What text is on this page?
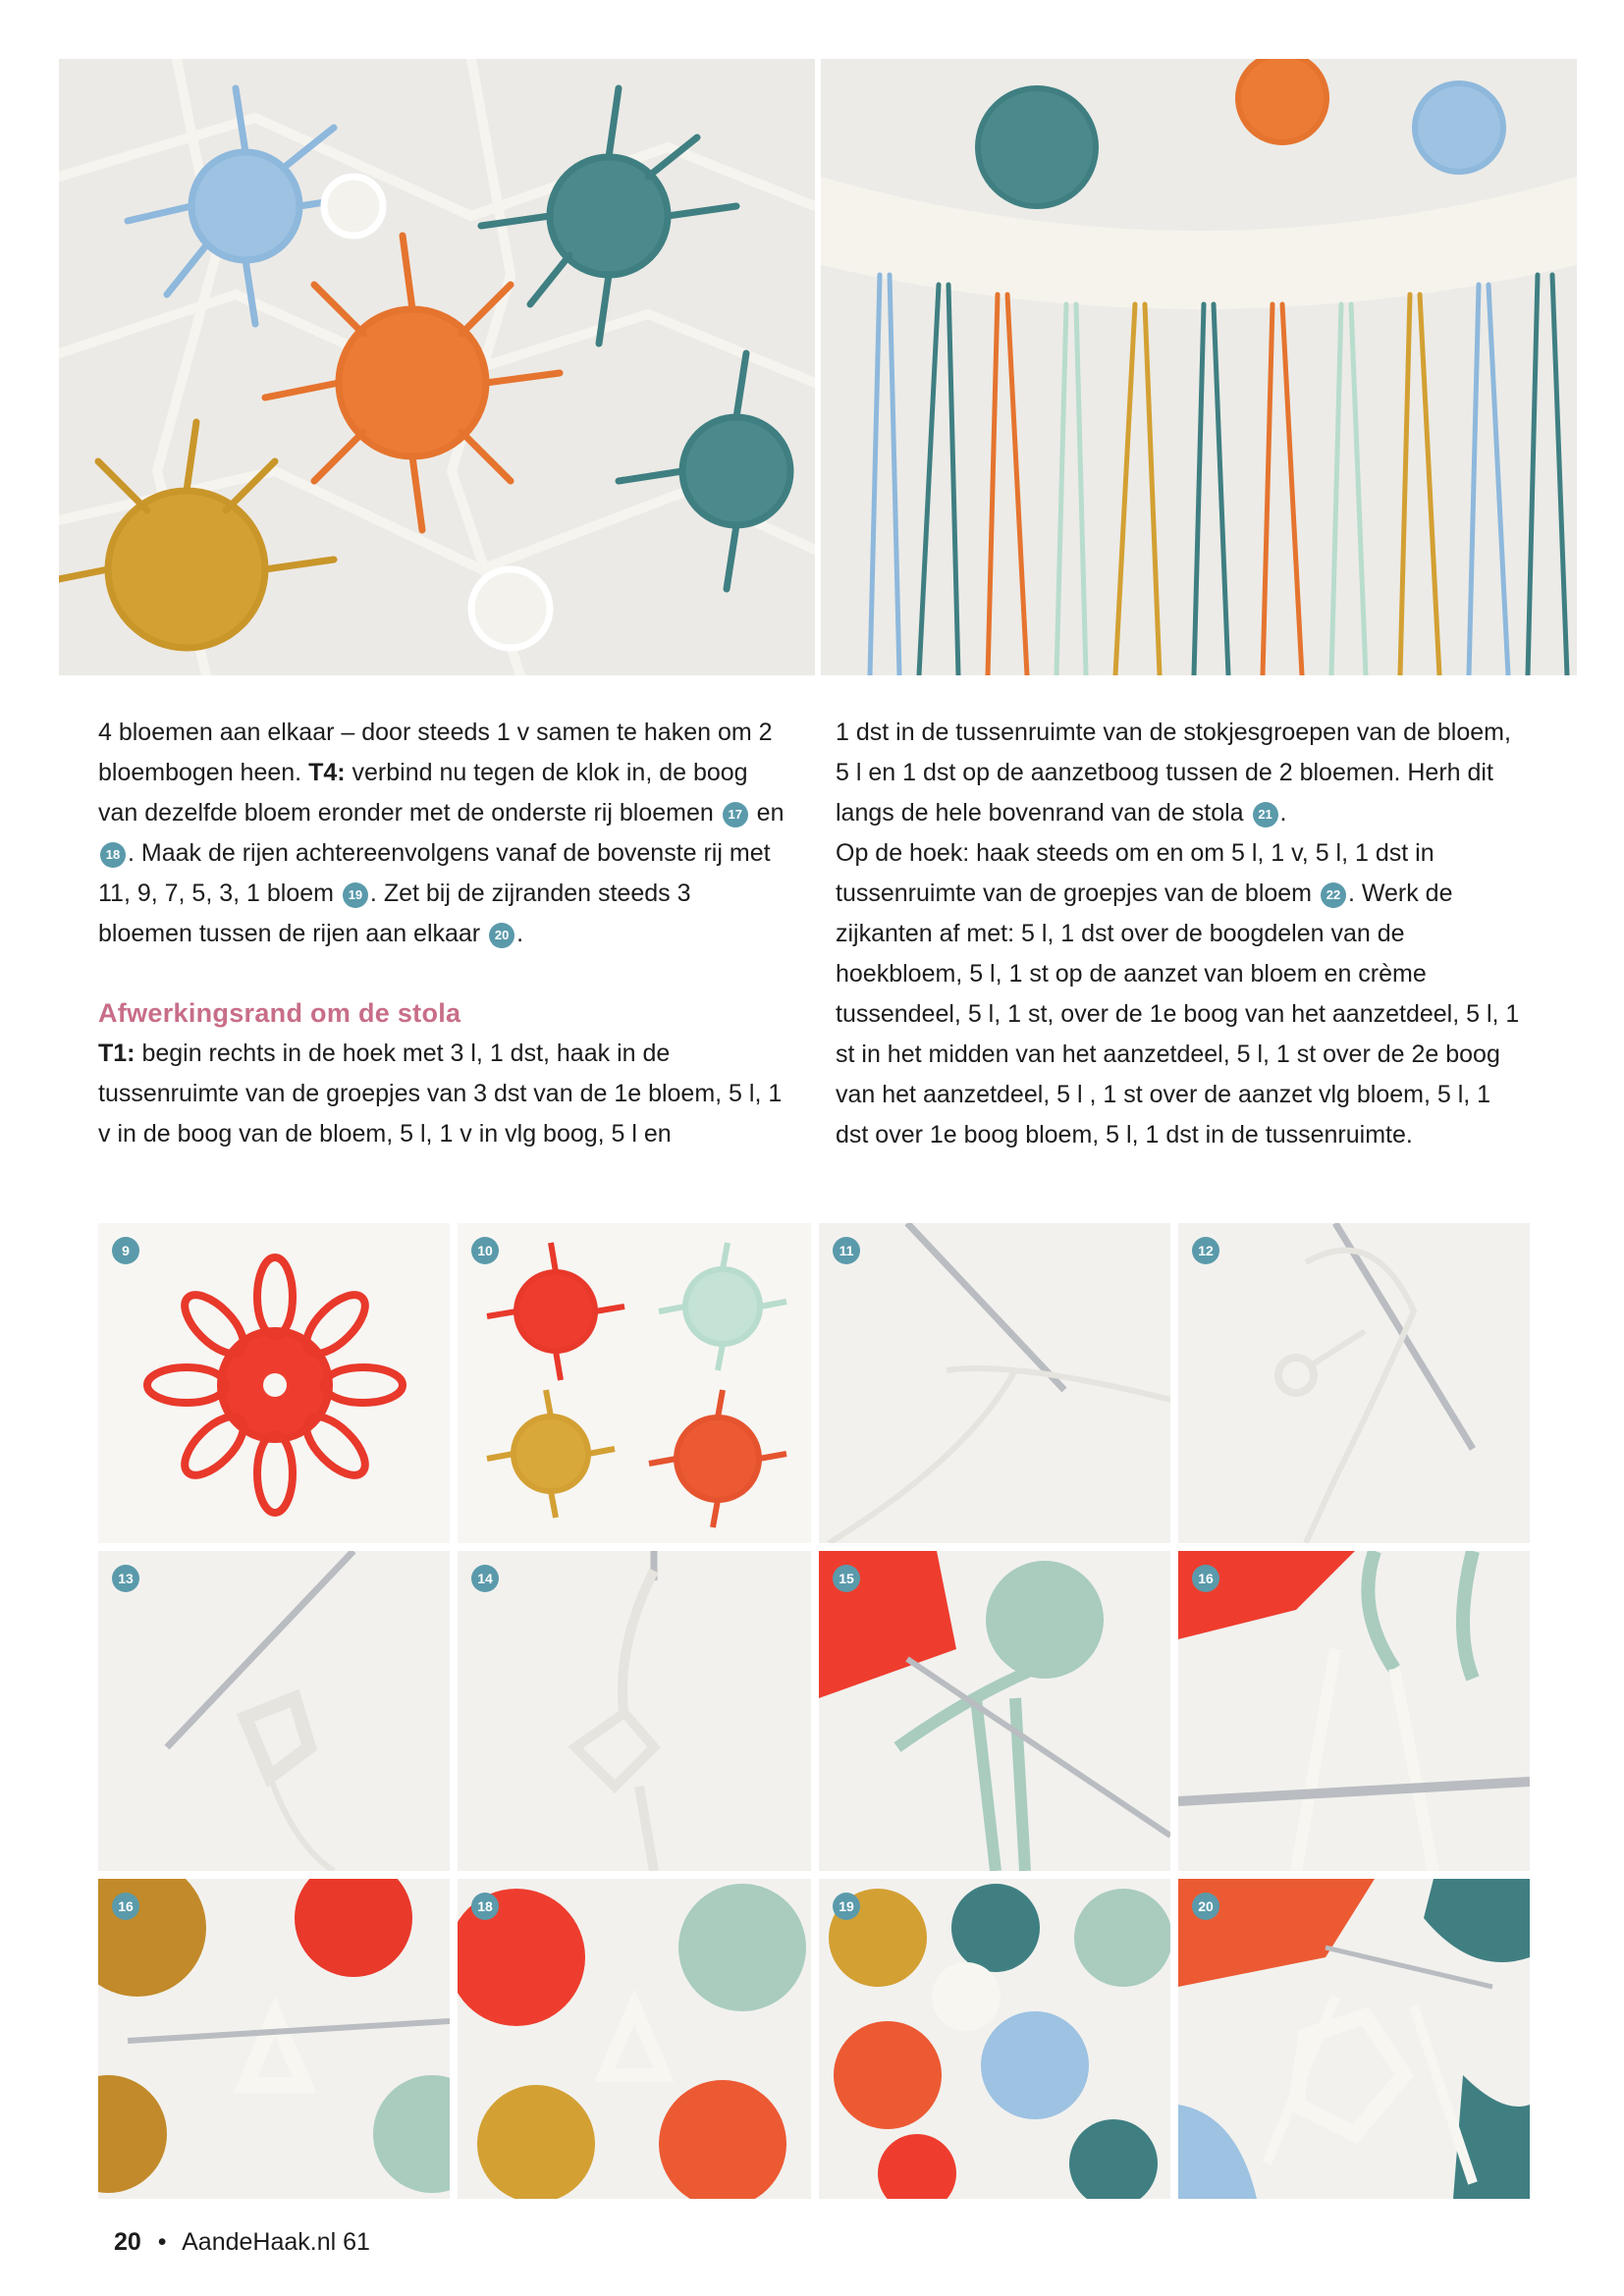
4 bloemen aan elkaar – door steeds 1 v samen te haken om 2 bloembogen heen. T4: verbind nu tegen de klok in, de boog van dezelfde bloem eronder met de onderste rij bloemen 17 en 18 . Maak de rijen achtereenvolgens vanaf de bovenste rij met 11, 9, 7, 5, 3, 1 bloem 19 . Zet bij de zijranden steeds 3 bloemen tussen de rijen aan elkaar 20 .

Afwerkingsrand om de stola

T1: begin rechts in de hoek met 3 l, 1 dst, haak in de tussenruimte van de groepjes van 3 dst van de 1e bloem, 5 l, 1 v in de boog van de bloem, 5 l, 1 v in vlg boog, 5 l en

1 dst in de tussenruimte van de stokjesgroepen van de bloem, 5 l en 1 dst op de aanzetboog tussen de 2 bloemen. Herh dit langs de hele bovenrand van de stola 21 .

Op de hoek: haak steeds om en om 5 l, 1 v, 5 l, 1 dst in tussenruimte van de groepjes van de bloem 22 . Werk de zijkanten af met: 5 l, 1 dst over de boogdelen van de hoekbloem, 5 l, 1 st op de aanzet van bloem en crème tussendeel, 5 l, 1 st, over de 1e boog van het aanzetdeel, 5 l, 1 st in het midden van het aanzetdeel, 5 l, 1 st over de 2e boog van het aanzetdeel, 5 l , 1 st over de aanzet vlg bloem, 5 l, 1 dst over 1e boog bloem, 5 l, 1 dst in de tussenruimte.

9	10	11	12
13	14	15	16
16	18	19	20
20 • AandeHaak.nl 61
